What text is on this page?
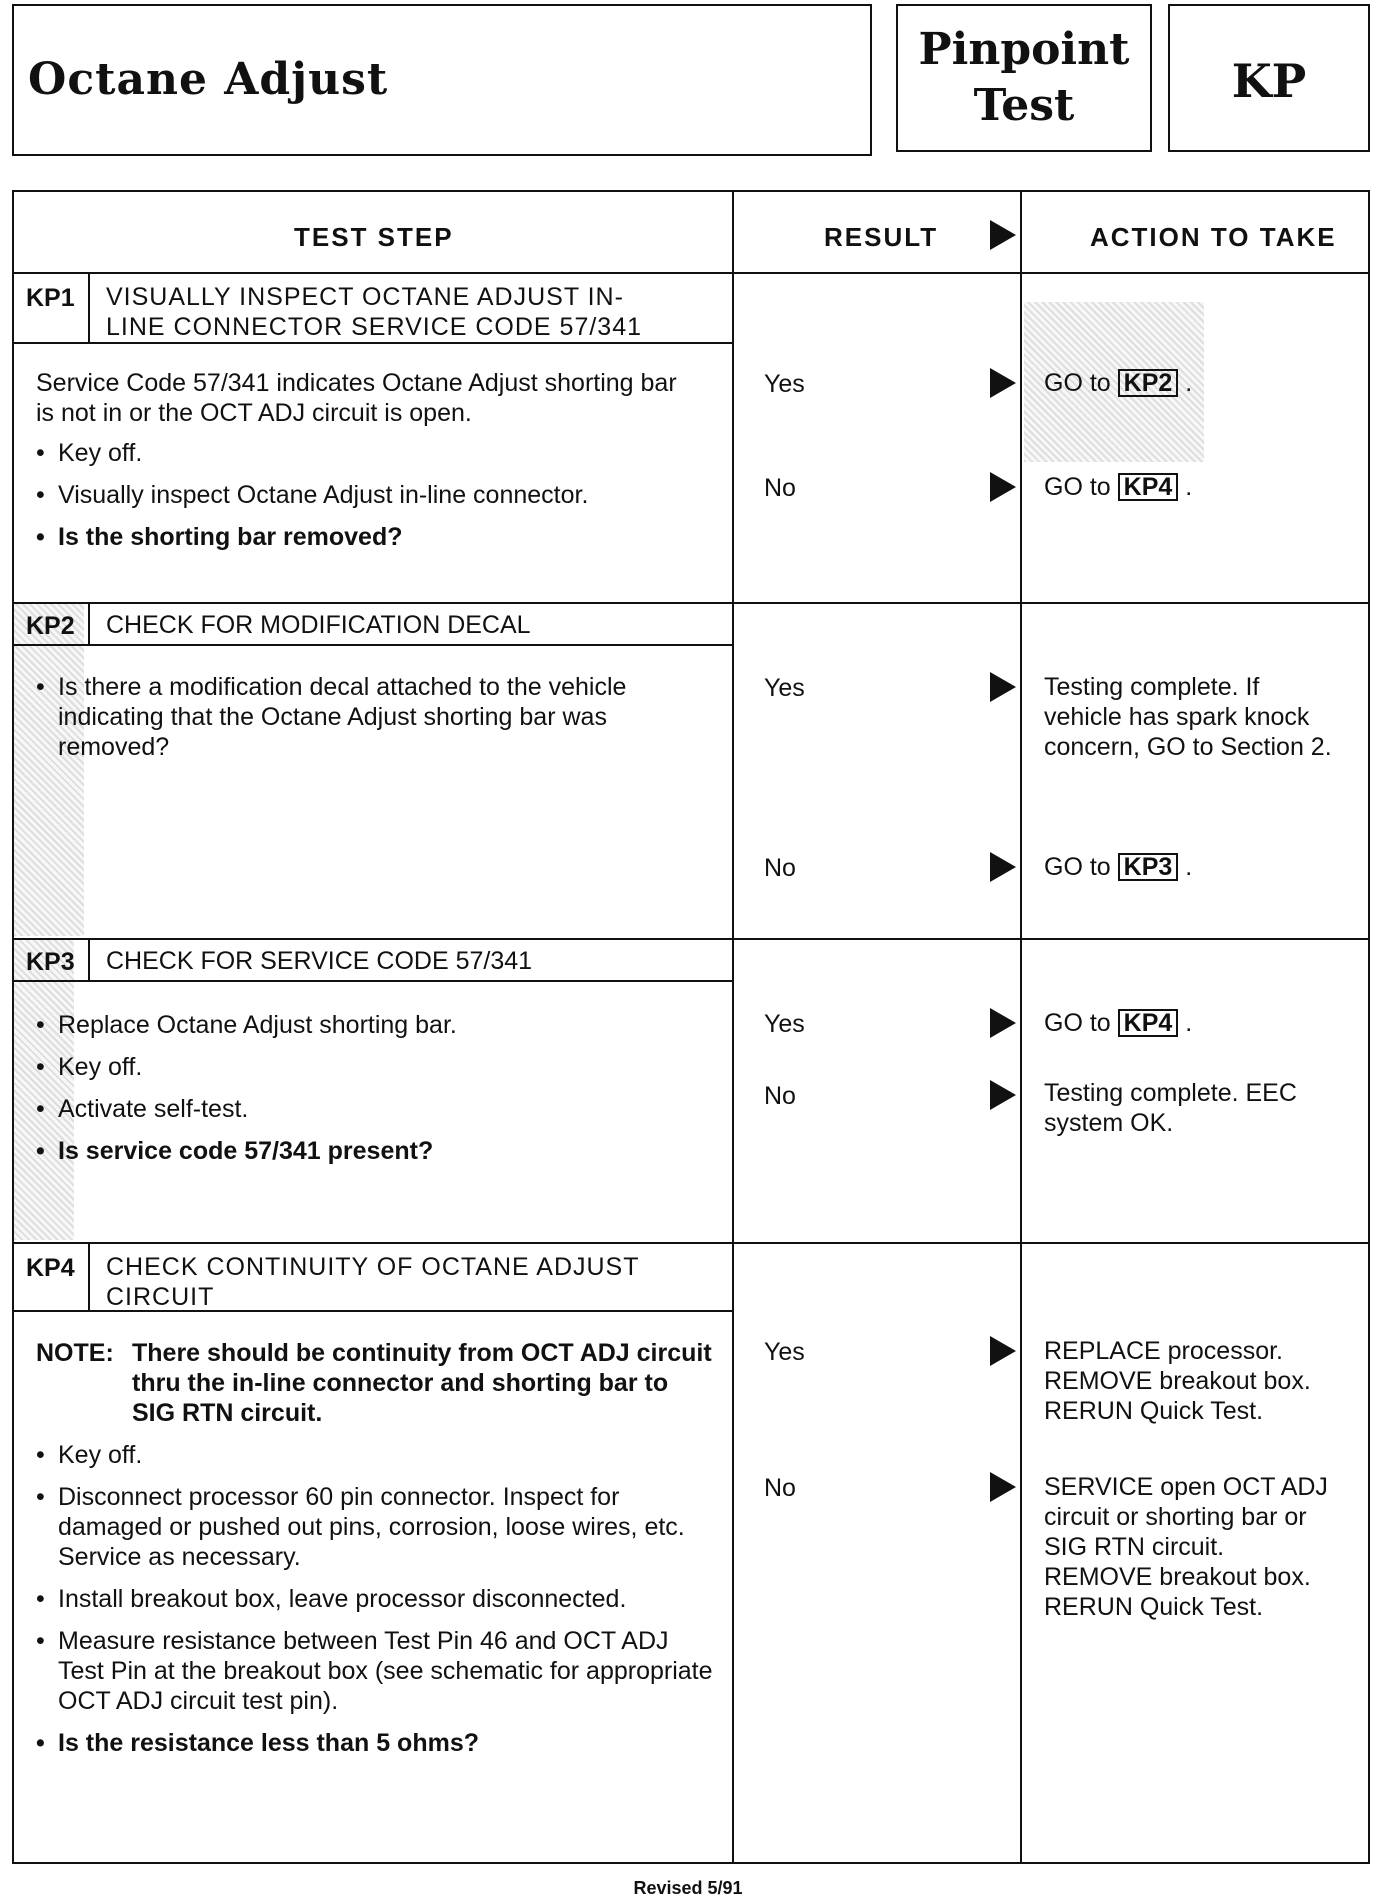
Octane Adjust
Pinpoint
Test	KP
TEST STEP	RESULT	ACTION TO TAKE
KP1 VISUALLY INSPECT OCTANE ADJUST IN-
LINE CONNECTOR SERVICE CODE 57/341

Service Code 57/341 indicates Octane Adjust shorting bar is not in or the OCT ADJ circuit is open.

• Key off.
• Visually inspect Octane Adjust in-line connector.
• Is the shorting bar removed?
Yes	GO to KP2 .
No	GO to KP4 .
KP2 CHECK FOR MODIFICATION DECAL
• Is there a modification decal attached to the vehicle indicating that the Octane Adjust shorting bar was removed?
Yes	Testing complete. If vehicle has spark knock concern, GO to Section 2.
No	GO to KP3 .
KP3 CHECK FOR SERVICE CODE 57/341
• Replace Octane Adjust shorting bar.
• Key off.
• Activate self-test.
• Is service code 57/341 present?
Yes	GO to KP4 .
No	Testing complete. EEC system OK.
KP4 CHECK CONTINUITY OF OCTANE ADJUST
CIRCUIT
NOTE: There should be continuity from OCT ADJ circuit thru the in-line connector and shorting bar to SIG RTN circuit.
• Key off.
• Disconnect processor 60 pin connector. Inspect for damaged or pushed out pins, corrosion, loose wires, etc. Service as necessary.
• Install breakout box, leave processor disconnected.
• Measure resistance between Test Pin 46 and OCT ADJ Test Pin at the breakout box (see schematic for appropriate OCT ADJ circuit test pin).
• Is the resistance less than 5 ohms?
Yes	REPLACE processor.
REMOVE breakout box.
RERUN Quick Test.
No	SERVICE open OCT ADJ circuit or shorting bar or SIG RTN circuit.
REMOVE breakout box.
RERUN Quick Test.
Revised 5/91
